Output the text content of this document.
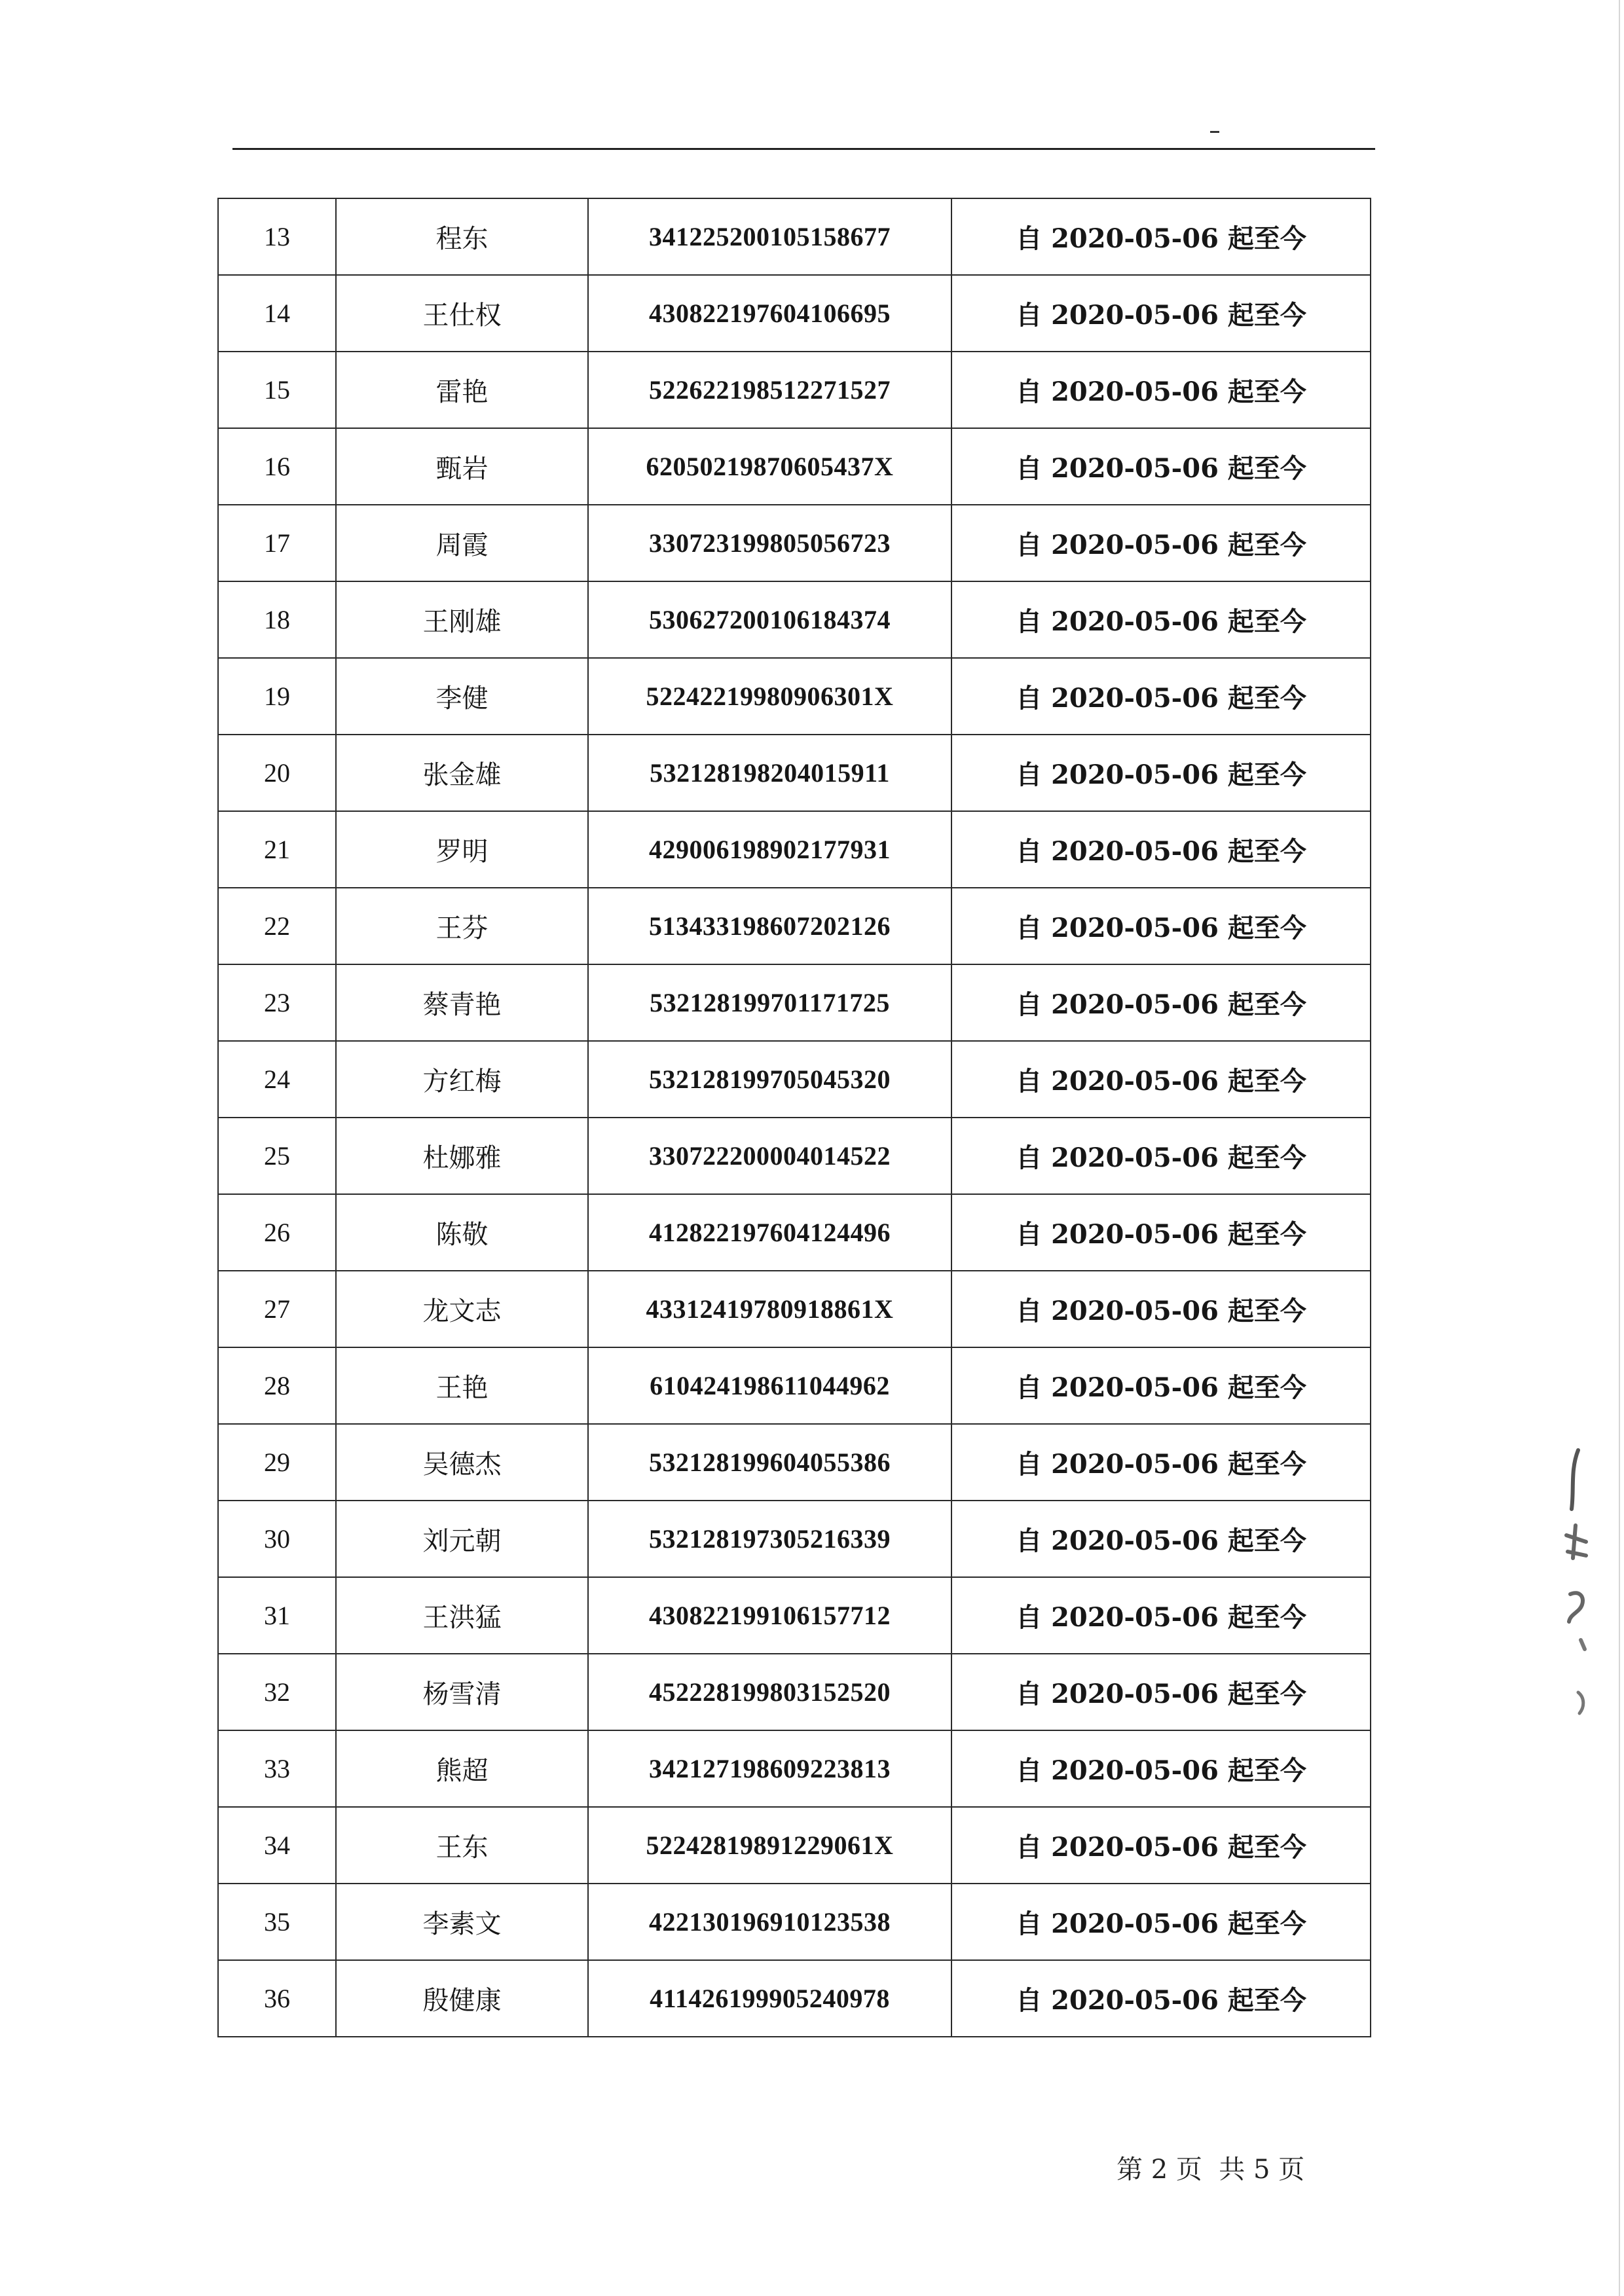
13	程东	341225200105158677	自 2020-05-06 起至今
14	王仕权	430822197604106695	自 2020-05-06 起至今
15	雷艳	522622198512271527	自 2020-05-06 起至今
16	甄岩	62050219870605437X	自 2020-05-06 起至今
17	周霞	330723199805056723	自 2020-05-06 起至今
18	王刚雄	530627200106184374	自 2020-05-06 起至今
19	李健	52242219980906301X	自 2020-05-06 起至今
20	张金雄	532128198204015911	自 2020-05-06 起至今
21	罗明	429006198902177931	自 2020-05-06 起至今
22	王芬	513433198607202126	自 2020-05-06 起至今
23	蔡青艳	532128199701171725	自 2020-05-06 起至今
24	方红梅	532128199705045320	自 2020-05-06 起至今
25	杜娜雅	330722200004014522	自 2020-05-06 起至今
26	陈敬	412822197604124496	自 2020-05-06 起至今
27	龙文志	43312419780918861X	自 2020-05-06 起至今
28	王艳	610424198611044962	自 2020-05-06 起至今
29	吴德杰	532128199604055386	自 2020-05-06 起至今
30	刘元朝	532128197305216339	自 2020-05-06 起至今
31	王洪猛	430822199106157712	自 2020-05-06 起至今
32	杨雪清	452228199803152520	自 2020-05-06 起至今
33	熊超	342127198609223813	自 2020-05-06 起至今
34	王东	52242819891229061X	自 2020-05-06 起至今
35	李素文	422130196910123538	自 2020-05-06 起至今
36	殷健康	411426199905240978	自 2020-05-06 起至今
第 2 页  共 5 页
